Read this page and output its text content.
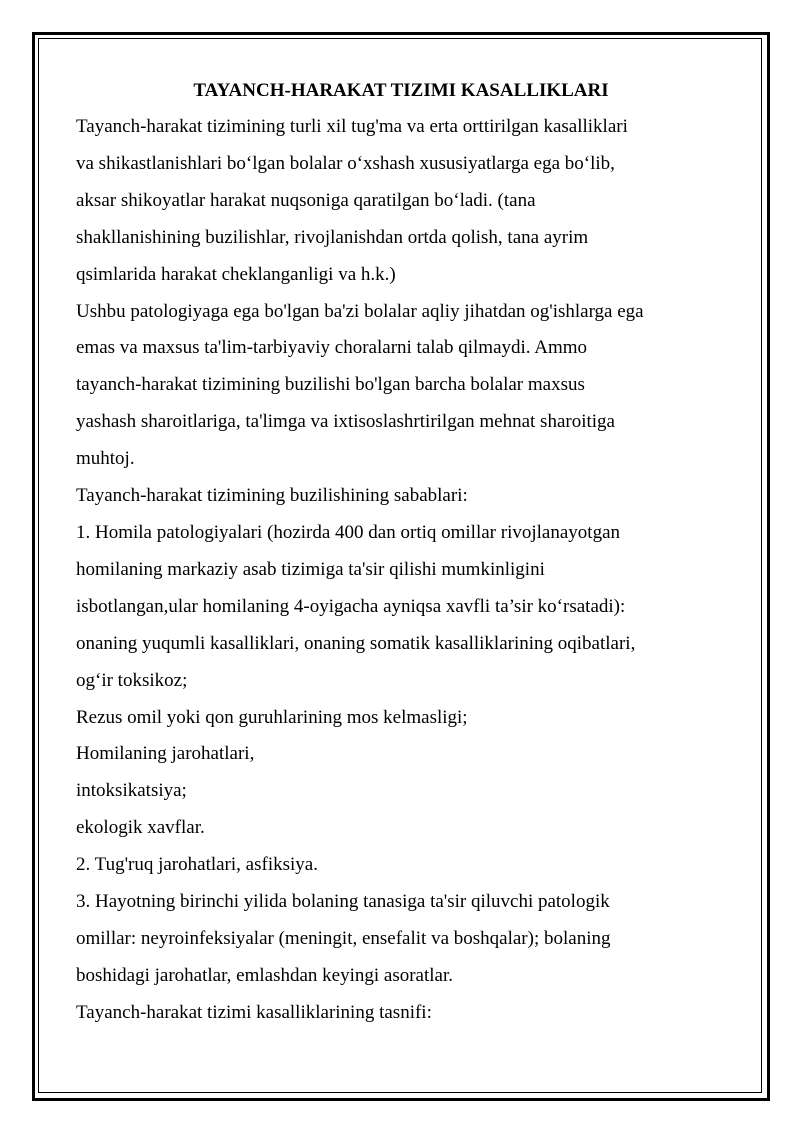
TAYANCH-HARAKAT TIZIMI KASALLIKLARI

Tayanch-harakat tizimining turli xil tug'ma va erta orttirilgan kasalliklari

va shikastlanishlari bo‘lgan bolalar o‘xshash xususiyatlarga ega bo‘lib,

aksar shikoyatlar harakat nuqsoniga qaratilgan bo‘ladi. (tana

shakllanishining buzilishlar, rivojlanishdan ortda qolish, tana ayrim

qsimlarida harakat cheklanganligi va h.k.)

Ushbu patologiyaga ega bo'lgan ba'zi bolalar aqliy jihatdan og'ishlarga ega

emas va maxsus ta'lim-tarbiyaviy choralarni talab qilmaydi. Ammo

tayanch-harakat tizimining buzilishi bo'lgan barcha bolalar maxsus

yashash sharoitlariga, ta'limga va ixtisoslashrtirilgan mehnat sharoitiga

muhtoj.

Tayanch-harakat tizimining buzilishining sabablari:

1. Homila patologiyalari (hozirda 400 dan ortiq omillar rivojlanayotgan

homilaning markaziy asab tizimiga ta'sir qilishi mumkinligini

isbotlangan,ular homilaning 4-oyigacha ayniqsa xavfli ta’sir ko‘rsatadi):

onaning yuqumli kasalliklari, onaning somatik kasalliklarining oqibatlari,

og‘ir toksikoz;

Rezus omil yoki qon guruhlarining mos kelmasligi;

Homilaning jarohatlari,

intoksikatsiya;

ekologik xavflar.

2. Tug'ruq jarohatlari, asfiksiya.

3. Hayotning birinchi yilida bolaning tanasiga ta'sir qiluvchi patologik

omillar: neyroinfeksiyalar (meningit, ensefalit va boshqalar); bolaning

boshidagi jarohatlar, emlashdan keyingi asoratlar.

Tayanch-harakat tizimi kasalliklarining tasnifi:
